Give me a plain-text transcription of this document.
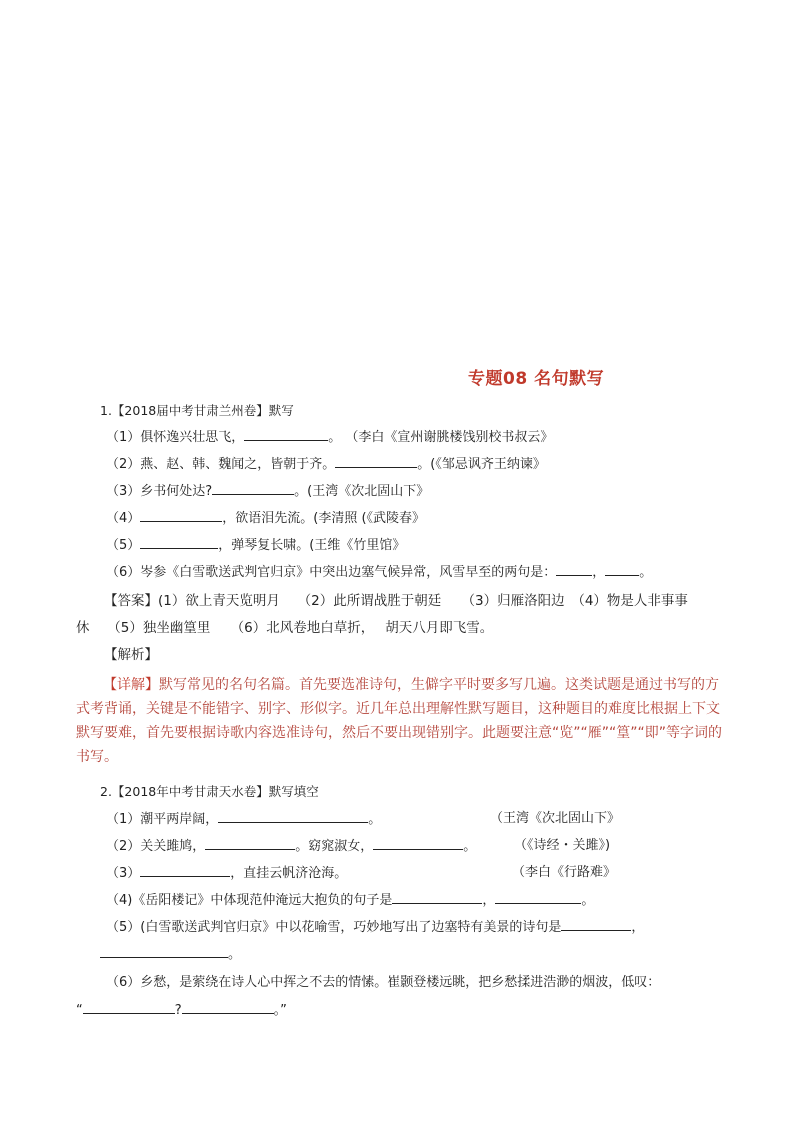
专题08 名句默写
1.【2018届中考甘肃兰州卷】默写
（1）俱怀逸兴壮思飞，	。 （李白《宣州谢朓楼饯别校书叔云》
（2）燕、赵、韩、魏闻之，皆朝于齐。	。(《邹忌讽齐王纳谏》
（3）乡书何处达?	。(王湾《次北固山下》
（4）	，欲语泪先流。(李清照 (《武陵春》
（5）	，弹琴复长啸。(王维《竹里馆》
（6）岑参《白雪歌送武判官归京》中突出边塞气候异常，风雪早至的两句是：	，	。
【答案】(1）欲上青天览明月　 （2）此所谓战胜于朝廷　　（3）归雁洛阳边　（4）物是人非事事
休　 （5）独坐幽篁里　　（6）北风卷地白草折，　 胡天八月即飞雪。
【解析】
【详解】默写常见的名句名篇。首先要选准诗句，生僻字平时要多写几遍。这类试题是通过书写的方式考背诵，关键是不能错字、别字、形似字。近几年总出理解性默写题目，这种题目的难度比根据上下文默写要难，首先要根据诗歌内容选准诗句，然后不要出现错别字。此题要注意“览”“雁”“篁”“即”等字词的书写。
2.【2018年中考甘肃天水卷】默写填空
（1）潮平两岸阔，	。	（王湾《次北固山下》
（2）关关雎鸠，	。窈窕淑女，	。	（《诗经・关雎》)
（3）	，直挂云帆济沧海。	（李白《行路难》
（4)《岳阳楼记》中体现范仲淹远大抱负的句子是	，	。
（5）(白雪歌送武判官归京》中以花喻雪，巧妙地写出了边塞特有美景的诗句是	，
。
（6）乡愁，是萦绕在诗人心中挥之不去的情愫。崔颢登楼远眺，把乡愁揉进浩渺的烟波，低叹：
“	?	。”
